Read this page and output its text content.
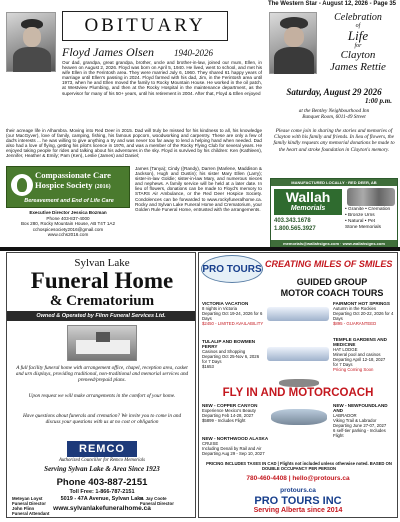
The Western Star - August 12, 2026 - Page 35
OBITUARY
Floyd James Olsen 1940-2026
Our dad, grandpa, great grandpa, brother, uncle and brother-in-law, joined our mum, Ellen, in heaven on August 2, 2026. Floyd was born on April 5, 1940. He lived, went to school, and met his wife Ellen in the Ferintosh area. They were married July 6, 1960. They shared 61 happy years of marriage until Ellen's passing in 2024. Floyd farmed with his dad, Jim, in the Ferintosh area until 1973, when he and Ellen moved the family to Rocky Mountain House. He worked in the oil patch, at Westview Plumbing, and then at the Rocky Hospital in the maintenance department, as the supervisor for many of his 50+ years, until his retirement in 2004. After that, Floyd & Ellen enjoyed
their acreage life in Alhambra. Moving into Red Deer in 2015. Dad will truly be missed for his kindness to all, his knowledge (our MacGyver), love of family, camping, fishing, his famous popcorn, woodworking and carpentry. These are only a few of dad's interests ... he was willing to give anything a try and was never too far away to lend a helping hand when needed. Dad also had a love of flying, getting his pilot's licence in 1976, and was a member of the Rocky Flying Club for several years. He enjoyed taking people for rides and talking about his adventures in the sky. Floyd is survived by his children: Ken (Kathleen), Jennifer, Heather & Emily; Pam (Ken), Leslie (James) and Daniel;
James (Tanya); Cindy ((Randy), Darren (Marlene, Maddison & Jackson), Hugh and Dustin); his sister Mary Ellen (Larry); sister-in-law Goldie; sister-in-law Mary, and numerous nieces and nephews. A family service will be held at a later date. In lieu of flowers, donations can be made to Floyd's memory to STARS Air Ambulance, or the Red Deer Hospice Society. Condolences can be forwarded to www.rockyfuneralhome.ca. Rocky and Sylvan Lake Funeral Home and Crematorium, your Golden Rule Funeral Home, entrusted with the arrangements.
Compassionate Care Hospice Society (2016)
Bereavement and End of Life Care
Executive Director Jessica Bozman
Phone 403-837-4000
Box 280, Rocky Mountain House, AB T4T 1A2
cchospicesociety2016@gmail.com
www.cchs2016.com
Celebration
of
Life
for
Clayton
James Rettie
Saturday, August 29 2026
1:00 p.m.
at the Bentley Neighbourhood Inn
Banquet Room, 6011-49 Street
Please come join in sharing the stories and memories of Clayton with his family and friends. In lieu of flowers, the family kindly requests any memorial donations be made to the heart and stroke foundation in Clayton's memory.
MANUFACTURED LOCALLY · RED DEER, AB
Wallah
Memorials
403.343.1678
1.800.565.3927
• Granite • Cremation
• Bronze Urns
• Natural • Pet
Stone Memorials
memorials@wallahsigns.com · www.wallahsigns.com
Sylvan Lake
Funeral Home
& Crematorium
Owned & Operated by Flinn Funeral Services Ltd.
A full facility funeral home with arrangement office, chapel, reception area, casket and urn displays, providing traditional, non-traditional and memorial services and preneed/prepaid plans.
Upon request we will make arrangements in the comfort of your home.
Have questions about funerals and cremation? We invite you to come in and discuss your questions with us at no cost or obligation
REMCO
Authorized Councillor for Remco Memorials
Serving Sylvan Lake & Area Since 1923
Phone 403-887-2151
Toll Free: 1-866-787-2151
5019 - 47A Avenue, Sylvan Lake
www.sylvanlakefuneralhome.ca
Meteyan Loyst
Funeral Director
John Flinn
Funeral Attendant
H. Jay Coote
Funeral Director
PRO TOURS CREATING MILES OF SMILES
GUIDED GROUP
MOTOR COACH TOURS
VICTORIA VACATION
8 nights in Victoria
Departing Oct 19-24, 2026 for 6 Days
$2450 - LIMITED AVAILABILITY
FAIRMONT HOT SPRINGS
Autumn in the Rockies
Departing Oct 20-22, 2026 for 4 Days
$895 - GUARANTEED
TULALIP AND BOWMEN FERRY
Casinos and Shopping
Departing Oct 25-Nov 6, 2026
for 7 Days
$1653
TEMPLE GARDENS AND MEDICINE
HAT LODGE
Mineral pool and casinos
Departing April 12-18, 2027
for 7 Days
Pricing Coming Soon
FLY IN AND MOTORCOACH
NEW - COPPER CANYON
Experience Mexico's Beauty
Departing Feb 14-28, 2027
$5899 - Includes Flight
NEW - NEWFOUNDLAND AND
LABRADOR
Viking Trail & Labrador
Departing June 27-07, 2027
6 self-tier parking - Includes Flight
NEW - NORTHWOOD ALASKA
CRUISE
Including Denali by Rail and Air
Departing Aug 29 - Sep 10, 2027
PRICING INCLUDES TAXES IN CAD | Flights not included unless otherwise noted. BASED ON DOUBLE OCCUPANCY PER PERSON
780-460-4408 | hello@protours.ca
protours.ca
PRO TOURS INC
Serving Alberta since 2014
